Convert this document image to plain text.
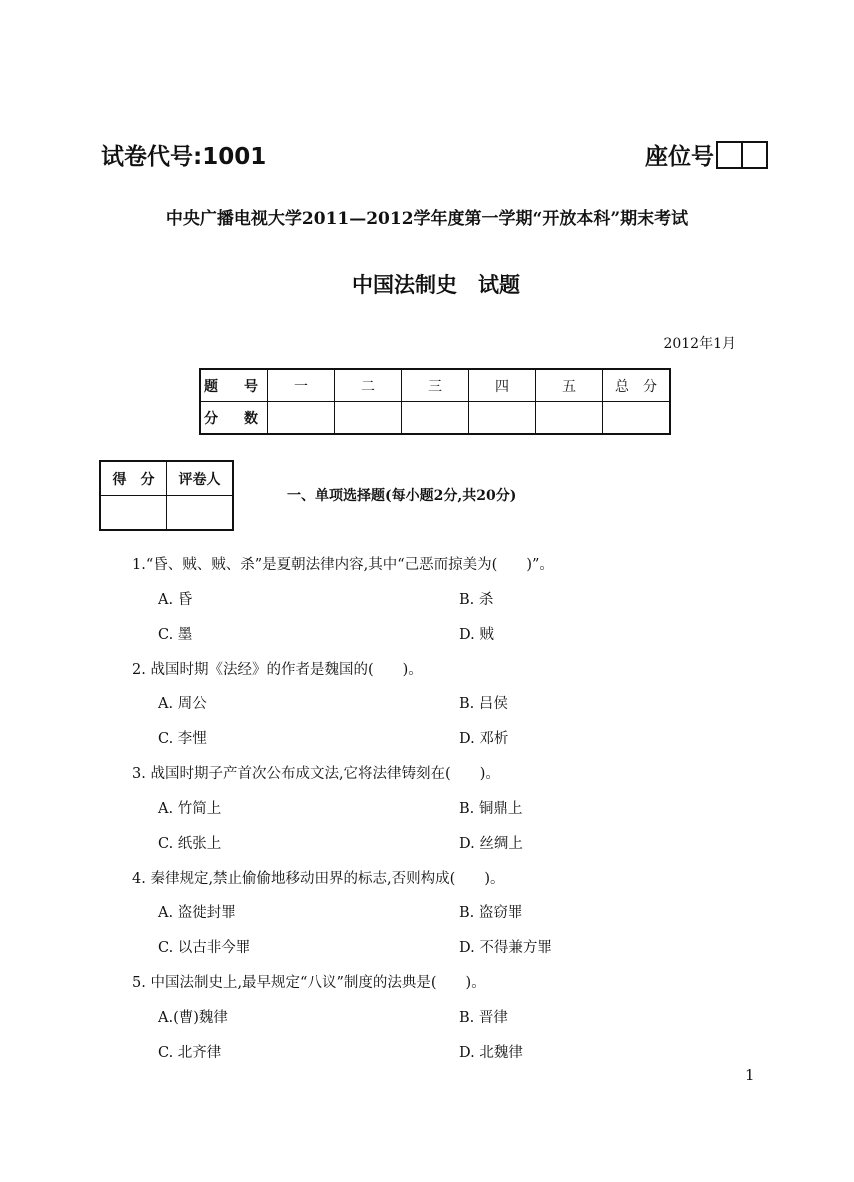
试卷代号:1001	座位号
中央广播电视大学2011—2012学年度第一学期“开放本科”期末考试
中国法制史　试题
2012年1月
题　号	一	二	三	四	五	总　分
分　数						
得　分	评卷人

一、单项选择题(每小题2分,共20分)
1.“昏、贼、贼、杀”是夏朝法律内容,其中“己恶而掠美为(　　)”。
A. 昏	B. 杀
C. 墨	D. 贼
2. 战国时期《法经》的作者是魏国的(　　)。
A. 周公	B. 吕侯
C. 李悝	D. 邓析
3. 战国时期子产首次公布成文法,它将法律铸刻在(　　)。
A. 竹简上	B. 铜鼎上
C. 纸张上	D. 丝绸上
4. 秦律规定,禁止偷偷地移动田界的标志,否则构成(　　)。
A. 盗徙封罪	B. 盗窃罪
C. 以古非今罪	D. 不得兼方罪
5. 中国法制史上,最早规定“八议”制度的法典是(　　)。
A.(曹)魏律	B. 晋律
C. 北齐律	D. 北魏律
1
